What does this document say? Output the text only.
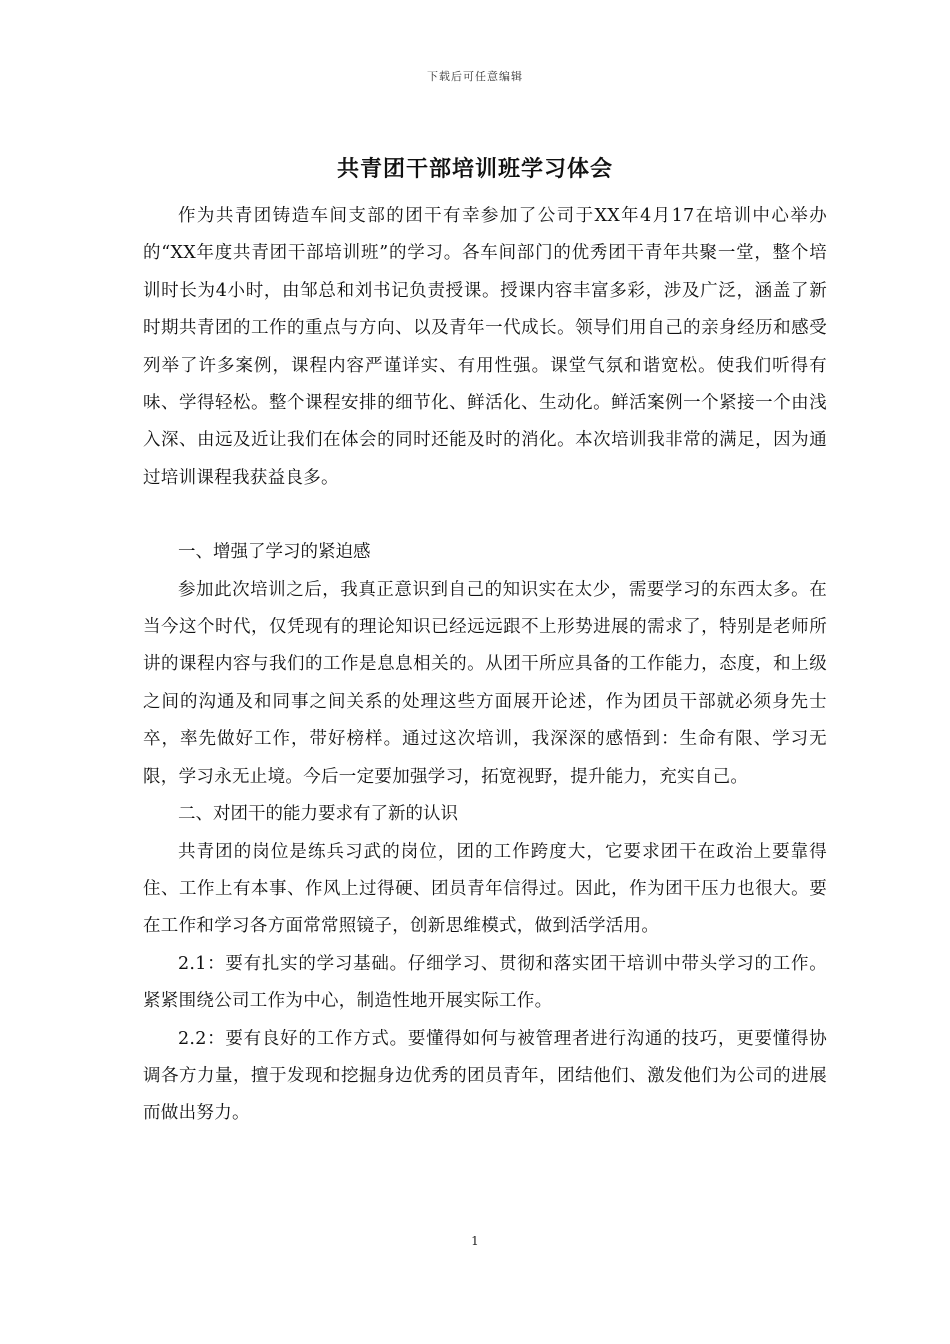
下载后可任意编辑
共青团干部培训班学习体会

作为共青团铸造车间支部的团干有幸参加了公司于XX年4月17在培训中心举办的“XX年度共青团干部培训班”的学习。各车间部门的优秀团干青年共聚一堂，整个培训时长为4小时，由邹总和刘书记负责授课。授课内容丰富多彩，涉及广泛，涵盖了新时期共青团的工作的重点与方向、以及青年一代成长。领导们用自己的亲身经历和感受列举了许多案例，课程内容严谨详实、有用性强。课堂气氛和谐宽松。使我们听得有味、学得轻松。整个课程安排的细节化、鲜活化、生动化。鲜活案例一个紧接一个由浅入深、由远及近让我们在体会的同时还能及时的消化。本次培训我非常的满足，因为通过培训课程我获益良多。

一、增强了学习的紧迫感

参加此次培训之后，我真正意识到自己的知识实在太少，需要学习的东西太多。在当今这个时代，仅凭现有的理论知识已经远远跟不上形势进展的需求了，特别是老师所讲的课程内容与我们的工作是息息相关的。从团干所应具备的工作能力，态度，和上级之间的沟通及和同事之间关系的处理这些方面展开论述，作为团员干部就必须身先士卒，率先做好工作，带好榜样。通过这次培训，我深深的感悟到：生命有限、学习无限，学习永无止境。今后一定要加强学习，拓宽视野，提升能力，充实自己。

二、对团干的能力要求有了新的认识

共青团的岗位是练兵习武的岗位，团的工作跨度大，它要求团干在政治上要靠得住、工作上有本事、作风上过得硬、团员青年信得过。因此，作为团干压力也很大。要在工作和学习各方面常常照镜子，创新思维模式，做到活学活用。

2.1：要有扎实的学习基础。仔细学习、贯彻和落实团干培训中带头学习的工作。紧紧围绕公司工作为中心，制造性地开展实际工作。

2.2：要有良好的工作方式。要懂得如何与被管理者进行沟通的技巧，更要懂得协调各方力量，擅于发现和挖掘身边优秀的团员青年，团结他们、激发他们为公司的进展而做出努力。

1
